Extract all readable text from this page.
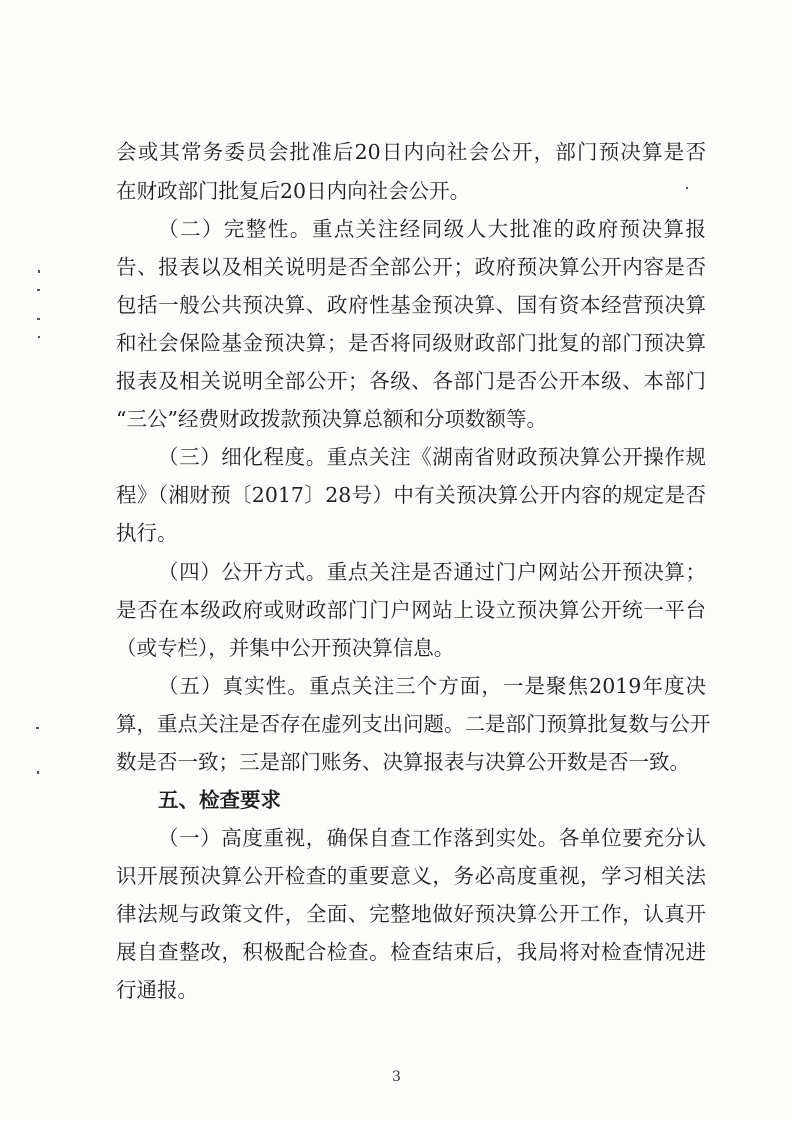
会或其常务委员会批准后20日内向社会公开，部门预决算是否
在财政部门批复后20日内向社会公开。
（二）完整性。重点关注经同级人大批准的政府预决算报
告、报表以及相关说明是否全部公开；政府预决算公开内容是否
包括一般公共预决算、政府性基金预决算、国有资本经营预决算
和社会保险基金预决算；是否将同级财政部门批复的部门预决算
报表及相关说明全部公开；各级、各部门是否公开本级、本部门
“三公”经费财政拨款预决算总额和分项数额等。
（三）细化程度。重点关注《湖南省财政预决算公开操作规
程》（湘财预〔2017〕28号）中有关预决算公开内容的规定是否
执行。
（四）公开方式。重点关注是否通过门户网站公开预决算；
是否在本级政府或财政部门门户网站上设立预决算公开统一平台
（或专栏），并集中公开预决算信息。
（五）真实性。重点关注三个方面，一是聚焦2019年度决
算，重点关注是否存在虚列支出问题。二是部门预算批复数与公开
数是否一致；三是部门账务、决算报表与决算公开数是否一致。
五、检查要求
（一）高度重视，确保自查工作落到实处。各单位要充分认
识开展预决算公开检查的重要意义，务必高度重视，学习相关法
律法规与政策文件，全面、完整地做好预决算公开工作，认真开
展自查整改，积极配合检查。检查结束后，我局将对检查情况进
行通报。
3
